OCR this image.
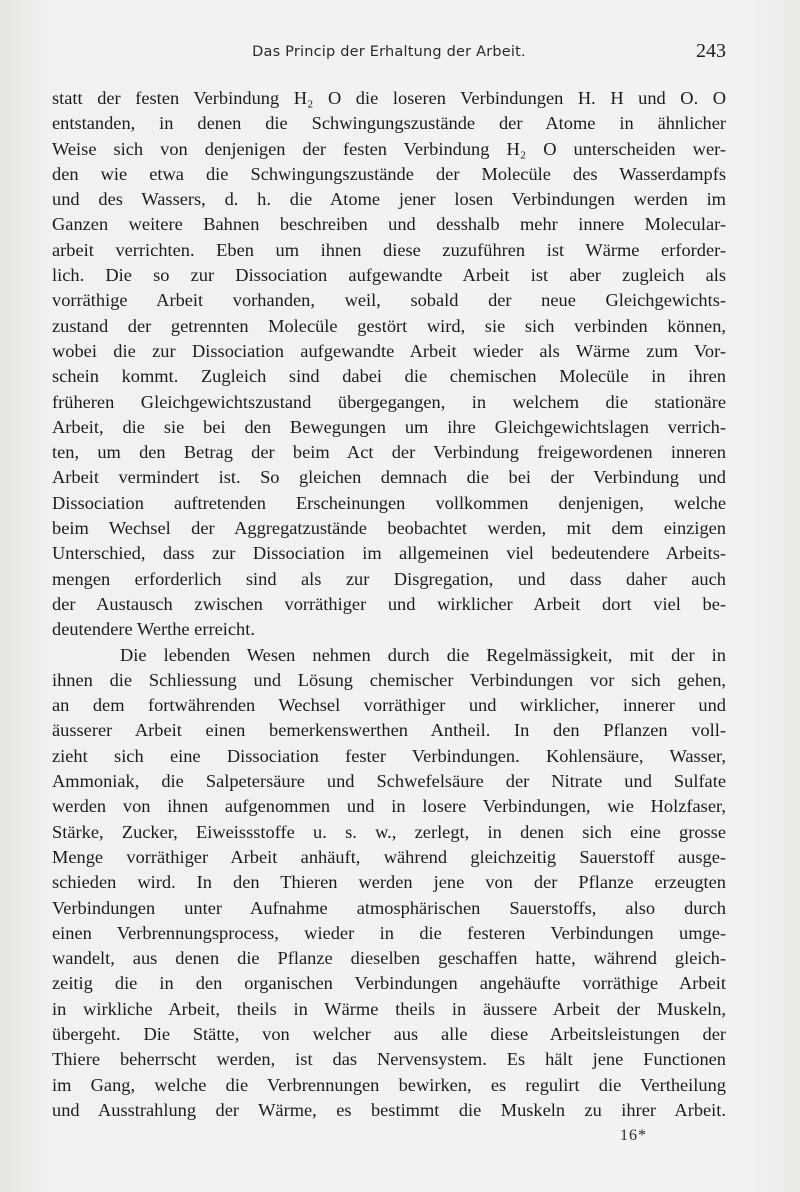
Das Princip der Erhaltung der Arbeit.	243
statt der festen Verbindung H₂ O die loseren Verbindungen H. H und O. O
entstanden, in denen die Schwingungszustände der Atome in ähnlicher
Weise sich von denjenigen der festen Verbindung H₂ O unterscheiden wer-
den wie etwa die Schwingungszustände der Molecüle des Wasserdampfs
und des Wassers, d. h. die Atome jener losen Verbindungen werden im
Ganzen weitere Bahnen beschreiben und desshalb mehr innere Molecular-
arbeit verrichten. Eben um ihnen diese zuzuführen ist Wärme erforder-
lich. Die so zur Dissociation aufgewandte Arbeit ist aber zugleich als
vorräthige Arbeit vorhanden, weil, sobald der neue Gleichgewichts-
zustand der getrennten Molecüle gestört wird, sie sich verbinden können,
wobei die zur Dissociation aufgewandte Arbeit wieder als Wärme zum Vor-
schein kommt. Zugleich sind dabei die chemischen Molecüle in ihren
früheren Gleichgewichtszustand übergegangen, in welchem die stationäre
Arbeit, die sie bei den Bewegungen um ihre Gleichgewichtslagen verrich-
ten, um den Betrag der beim Act der Verbindung freigewordenen inneren
Arbeit vermindert ist. So gleichen demnach die bei der Verbindung und
Dissociation auftretenden Erscheinungen vollkommen denjenigen, welche
beim Wechsel der Aggregatzustände beobachtet werden, mit dem einzigen
Unterschied, dass zur Dissociation im allgemeinen viel bedeutendere Arbeits-
mengen erforderlich sind als zur Disgregation, und dass daher auch
der Austausch zwischen vorräthiger und wirklicher Arbeit dort viel be-
deutendere Werthe erreicht.
Die lebenden Wesen nehmen durch die Regelmässigkeit, mit der in
ihnen die Schliessung und Lösung chemischer Verbindungen vor sich gehen,
an dem fortwährenden Wechsel vorräthiger und wirklicher, innerer und
äusserer Arbeit einen bemerkenswerthen Antheil. In den Pflanzen voll-
zieht sich eine Dissociation fester Verbindungen. Kohlensäure, Wasser,
Ammoniak, die Salpetersäure und Schwefelsäure der Nitrate und Sulfate
werden von ihnen aufgenommen und in losere Verbindungen, wie Holzfaser,
Stärke, Zucker, Eiweissstoffe u. s. w., zerlegt, in denen sich eine grosse
Menge vorräthiger Arbeit anhäuft, während gleichzeitig Sauerstoff ausge-
schieden wird. In den Thieren werden jene von der Pflanze erzeugten
Verbindungen unter Aufnahme atmosphärischen Sauerstoffs, also durch
einen Verbrennungsprocess, wieder in die festeren Verbindungen umge-
wandelt, aus denen die Pflanze dieselben geschaffen hatte, während gleich-
zeitig die in den organischen Verbindungen angehäufte vorräthige Arbeit
in wirkliche Arbeit, theils in Wärme theils in äussere Arbeit der Muskeln,
übergeht. Die Stätte, von welcher aus alle diese Arbeitsleistungen der
Thiere beherrscht werden, ist das Nervensystem. Es hält jene Functionen
im Gang, welche die Verbrennungen bewirken, es regulirt die Vertheilung
und Ausstrahlung der Wärme, es bestimmt die Muskeln zu ihrer Arbeit.
16*
